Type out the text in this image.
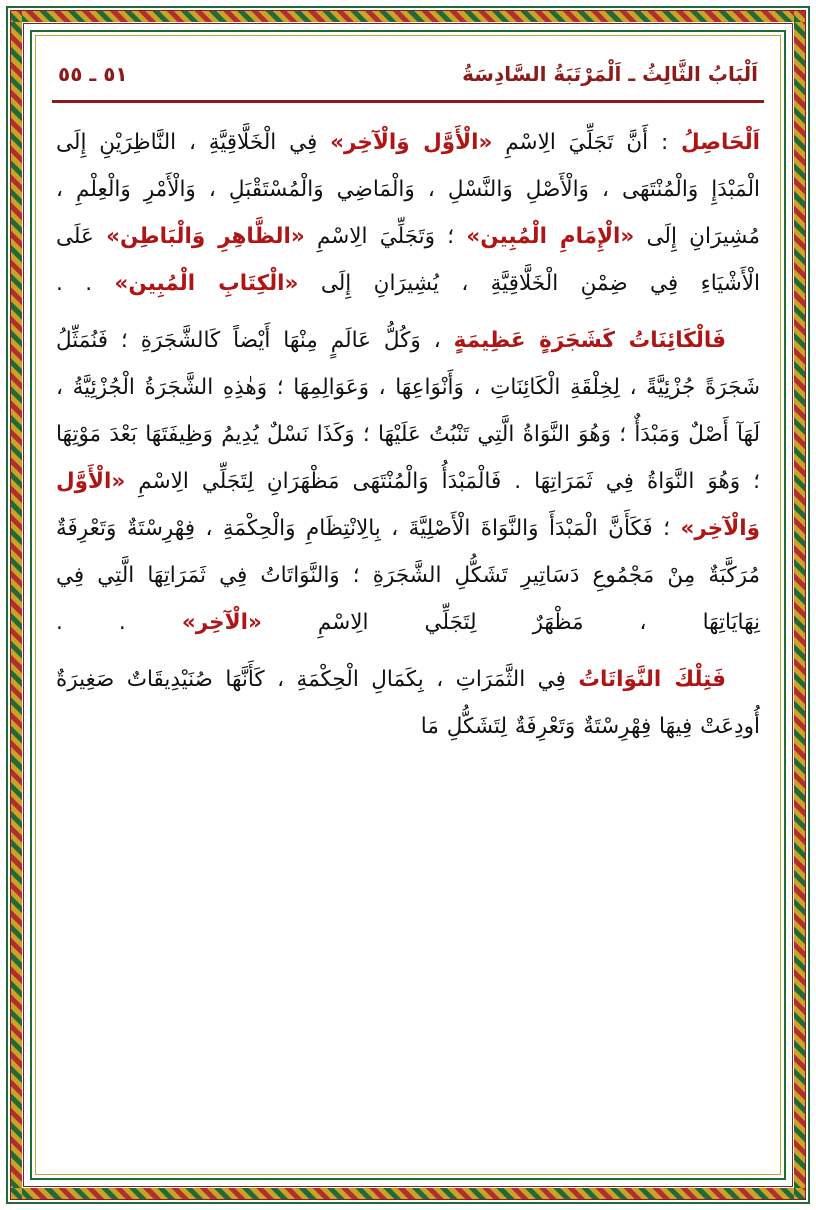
اَلْبَابُ الثَّالِثُ ـ اَلْمَرْتَبَةُ السَّادِسَةُ
٥١ ـ ٥٥

اَلْحَاصِلُ : أَنَّ تَجَلِّيَ الِاسْمِ «الْأَوَّل وَالْآخِر» فِي الْخَلَّاقِيَّةِ ، النَّاظِرَيْنِ إِلَى الْمَبْدَإِ وَالْمُنْتَهَى ، وَالْأَصْلِ وَالنَّسْلِ ، وَالْمَاضِي وَالْمُسْتَقْبَلِ ، وَالْأَمْرِ وَالْعِلْمِ ، مُشِيرَانِ إِلَى «الْإِمَامِ الْمُبِين» ؛ وَتَجَلِّيَ الِاسْمِ «الظَّاهِرِ وَالْبَاطِن» عَلَى الْأَشْيَاءِ فِي ضِمْنِ الْخَلَّاقِيَّةِ ، يُشِيرَانِ إِلَى «الْكِتَابِ الْمُبِين» . .

فَالْكَائِنَاتُ كَشَجَرَةٍ عَظِيمَةٍ ، وَكُلُّ عَالَمٍ مِنْهَا أَيْضاً كَالشَّجَرَةِ ؛ فَنُمَثِّلُ شَجَرَةً جُزْئِيَّةً ، لِخِلْقَةِ الْكَائِنَاتِ ، وَأَنْوَاعِهَا ، وَعَوَالِمِهَا ؛ وَهٰذِهِ الشَّجَرَةُ الْجُزْئِيَّةُ ، لَهَآ أَصْلٌ وَمَبْدَأٌ ؛ وَهُوَ النَّوَاةُ الَّتِي تَنْبُتُ عَلَيْهَا ؛ وَكَذَا نَسْلٌ يُدِيمُ وَظِيفَتَهَا بَعْدَ مَوْتِهَا ؛ وَهُوَ النَّوَاةُ فِي ثَمَرَاتِهَا . فَالْمَبْدَأُ وَالْمُنْتَهَى مَظْهَرَانِ لِتَجَلِّي الِاسْمِ «الْأَوَّل وَالْآخِر» ؛ فَكَأَنَّ الْمَبْدَأَ وَالنَّوَاةَ الْأَصْلِيَّةَ ، بِالِانْتِظَامِ وَالْحِكْمَةِ ، فِهْرِسْتَةٌ وَتَعْرِفَةٌ مُرَكَّبَةٌ مِنْ مَجْمُوعِ دَسَاتِيرِ تَشَكُّلِ الشَّجَرَةِ ؛ وَالنَّوَاتَاتُ فِي ثَمَرَاتِهَا الَّتِي فِي نِهَايَاتِهَا ، مَظْهَرٌ لِتَجَلِّي الِاسْمِ «الْآخِر» . .

فَتِلْكَ النَّوَاتَاتُ فِي الثَّمَرَاتِ ، بِكَمَالِ الْحِكْمَةِ ، كَأَنَّهَا صُنَيْدِيقَاتٌ صَغِيرَةٌ أُودِعَتْ فِيهَا فِهْرِسْتَةٌ وَتَعْرِفَةٌ لِتَشَكُّلِ مَا
